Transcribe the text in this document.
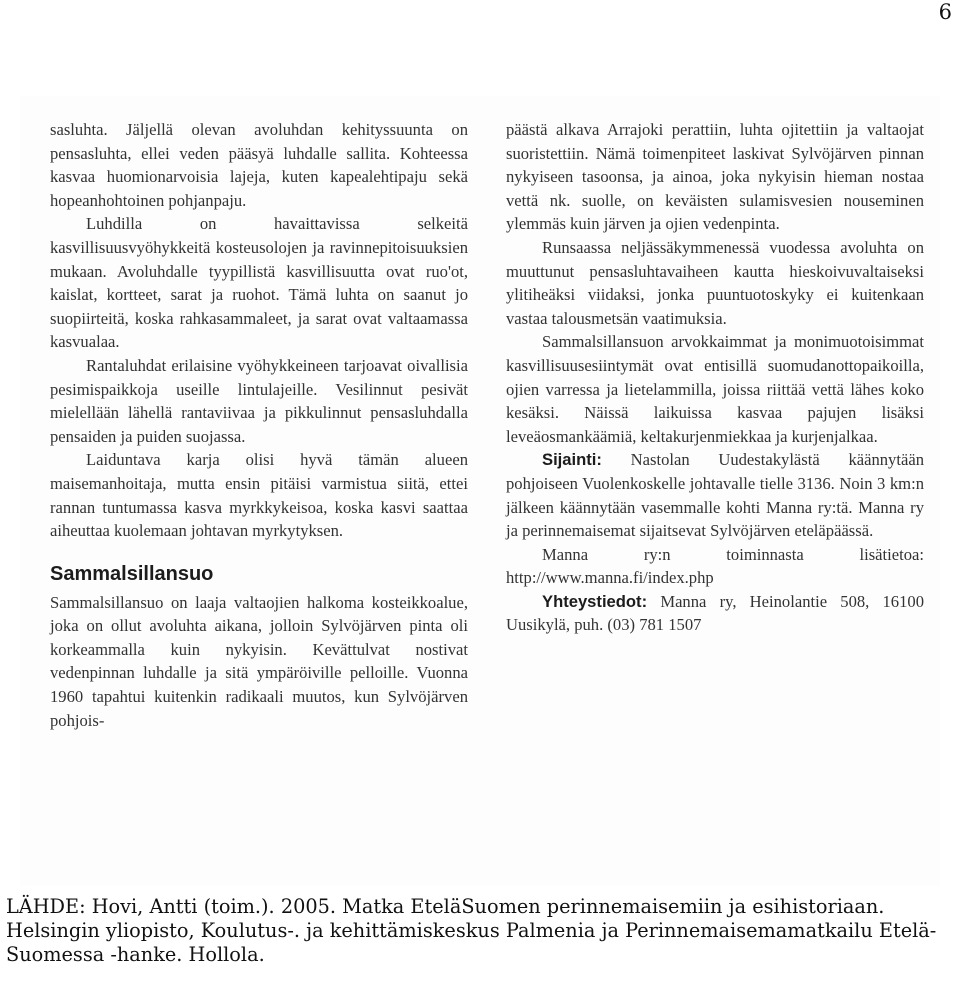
6

sasluhta. Jäljellä olevan avoluhdan kehityssuunta on pensasluhta, ellei veden pääsyä luhdalle sallita. Kohteessa kasvaa huomionarvoisia lajeja, kuten kapealehtipaju sekä hopeanhohtoinen pohjanpaju.

Luhdilla on havaittavissa selkeitä kasvillisuusvyöhykkeitä kosteusolojen ja ravinnepitoisuuksien mukaan. Avoluhdalle tyypillistä kasvillisuutta ovat ruo'ot, kaislat, kortteet, sarat ja ruohot. Tämä luhta on saanut jo suopiirteitä, koska rahkasammaleet, ja sarat ovat valtaamassa kasvualaa.

Rantaluhdat erilaisine vyöhykkeineen tarjoavat oivallisia pesimispaikkoja useille lintulajeille. Vesilinnut pesivät mielellään lähellä rantaviivaa ja pikkulinnut pensasluhdalla pensaiden ja puiden suojassa.

Laiduntava karja olisi hyvä tämän alueen maisemanhoitaja, mutta ensin pitäisi varmistua siitä, ettei rannan tuntumassa kasva myrkkykeisoa, koska kasvi saattaa aiheuttaa kuolemaan johtavan myrkytyksen.

Sammalsillansuo

Sammalsillansuo on laaja valtaojien halkoma kosteikkoalue, joka on ollut avoluhta aikana, jolloin Sylvöjärven pinta oli korkeammalla kuin nykyisin. Kevättulvat nostivat vedenpinnan luhdalle ja sitä ympäröiville pelloille. Vuonna 1960 tapahtui kuitenkin radikaali muutos, kun Sylvöjärven pohjois-

päästä alkava Arrajoki perattiin, luhta ojitettiin ja valtaojat suoristettiin. Nämä toimenpiteet laskivat Sylvöjärven pinnan nykyiseen tasoonsa, ja ainoa, joka nykyisin hieman nostaa vettä nk. suolle, on keväisten sulamisvesien nouseminen ylemmäs kuin järven ja ojien vedenpinta.

Runsaassa neljässäkymmenessä vuodessa avoluhta on muuttunut pensasluhtavaiheen kautta hieskoivuvaltaiseksi ylitiheäksi viidaksi, jonka puuntuotoskyky ei kuitenkaan vastaa talousmetsän vaatimuksia.

Sammalsillansuon arvokkaimmat ja monimuotoisimmat kasvillisuusesiintymät ovat entisillä suomudanottopaikoilla, ojien varressa ja lietelammilla, joissa riittää vettä lähes koko kesäksi. Näissä laikuissa kasvaa pajujen lisäksi leveäosmankäämiä, keltakurjenmiekkaa ja kurjenjalkaa.

Sijainti: Nastolan Uudestakylästä käännytään pohjoiseen Vuolenkoskelle johtavalle tielle 3136. Noin 3 km:n jälkeen käännytään vasemmalle kohti Manna ry:tä. Manna ry ja perinnemaisemat sijaitsevat Sylvöjärven eteläpäässä.

Manna ry:n toiminnasta lisätietoa: http://www.manna.fi/index.php

Yhteystiedot: Manna ry, Heinolantie 508, 16100 Uusikylä, puh. (03) 781 1507

LÄHDE: Hovi, Antti (toim.). 2005. Matka EteläSuomen perinnemaisemiin ja esihistoriaan. Helsingin yliopisto, Koulutus-. ja kehittämiskeskus Palmenia ja Perinnemaisemamatkailu Etelä-Suomessa -hanke. Hollola.
